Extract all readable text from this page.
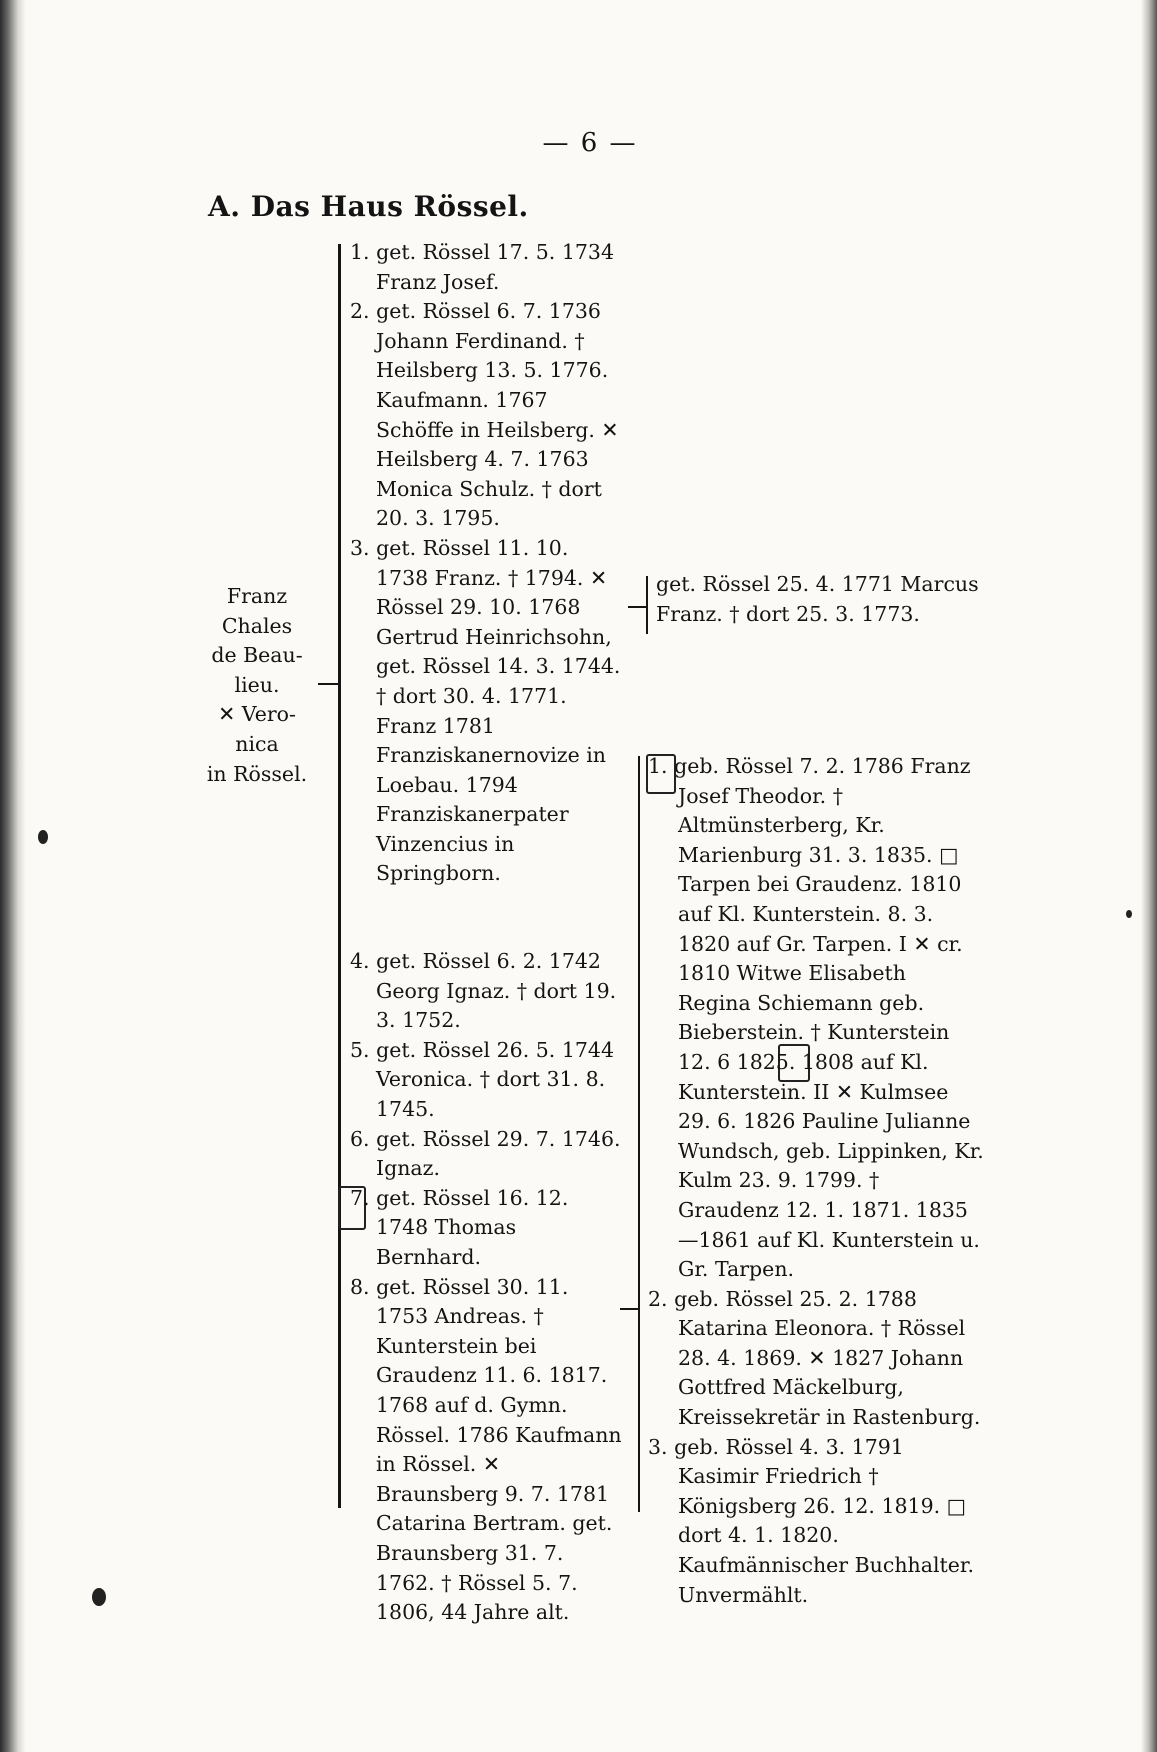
— 6 —
A. Das Haus Rössel.
Franz
Chales
de Beau-
lieu.
✕ Vero-
nica
in Rössel.

1. get. Rössel 17. 5. 1734 Franz Josef.

2. get. Rössel 6. 7. 1736 Johann Ferdinand. † Heilsberg 13. 5. 1776. Kaufmann. 1767 Schöffe in Heilsberg. ✕ Heilsberg 4. 7. 1763 Monica Schulz. † dort 20. 3. 1795.

3. get. Rössel 11. 10. 1738 Franz. † 1794. ✕ Rössel 29. 10. 1768 Gertrud Heinrichsohn, get. Rössel 14. 3. 1744. † dort 30. 4. 1771. Franz 1781 Franziskanernovize in Loebau. 1794 Franziskanerpater Vinzencius in Springborn.

4. get. Rössel 6. 2. 1742 Georg Ignaz. † dort 19. 3. 1752.

5. get. Rössel 26. 5. 1744 Veronica. † dort 31. 8. 1745.

6. get. Rössel 29. 7. 1746. Ignaz.

7. get. Rössel 16. 12. 1748 Thomas Bernhard.

8. get. Rössel 30. 11. 1753 Andreas. † Kunterstein bei Graudenz 11. 6. 1817. 1768 auf d. Gymn. Rössel. 1786 Kaufmann in Rössel. ✕ Braunsberg 9. 7. 1781 Catarina Bertram. get. Braunsberg 31. 7. 1762. † Rössel 5. 7. 1806, 44 Jahre alt.

get. Rössel 25. 4. 1771 Marcus Franz. † dort 25. 3. 1773.

1. geb. Rössel 7. 2. 1786 Franz Josef Theodor. † Altmünsterberg, Kr. Marienburg 31. 3. 1835. □ Tarpen bei Graudenz. 1810 auf Kl. Kunterstein. 8. 3. 1820 auf Gr. Tarpen. I ✕ cr. 1810 Witwe Elisabeth Regina Schiemann geb. Bieberstein. † Kunterstein 12. 6 1825. 1808 auf Kl. Kunterstein. II ✕ Kulmsee 29. 6. 1826 Pauline Julianne Wundsch, geb. Lippinken, Kr. Kulm 23. 9. 1799. † Graudenz 12. 1. 1871. 1835—1861 auf Kl. Kunterstein u. Gr. Tarpen.

2. geb. Rössel 25. 2. 1788 Katarina Eleonora. † Rössel 28. 4. 1869. ✕ 1827 Johann Gottfred Mäckelburg, Kreissekretär in Rastenburg.

3. geb. Rössel 4. 3. 1791 Kasimir Friedrich † Königsberg 26. 12. 1819. □ dort 4. 1. 1820. Kaufmännischer Buchhalter. Unvermählt.
